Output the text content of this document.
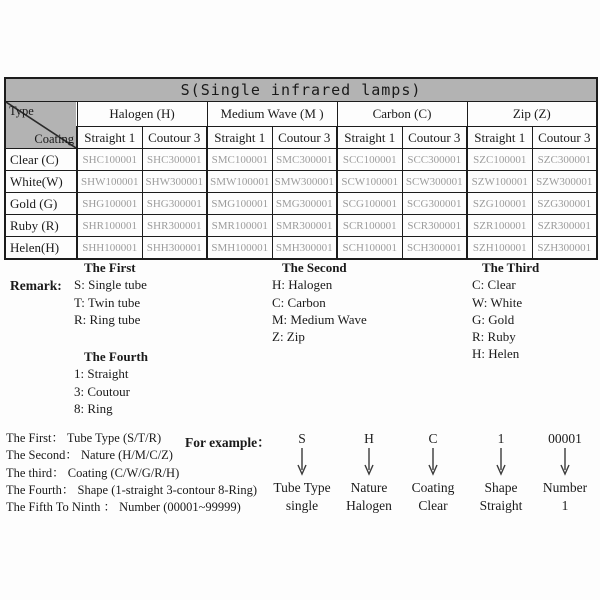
S(Single infrared lamps)								

Type
Coating	Halogen (H)		Medium Wave (M )		Carbon (C)		Zip (Z)	
	Straight 1	Coutour 3	Straight 1	Coutour 3	Straight 1	Coutour 3	Straight 1	Coutour 3
Clear (C)	SHC100001	SHC300001	SMC100001	SMC300001	SCC100001	SCC300001	SZC100001	SZC300001
White(W)	SHW100001	SHW300001	SMW100001	SMW300001	SCW100001	SCW300001	SZW100001	SZW300001
Gold (G)	SHG100001	SHG300001	SMG100001	SMG300001	SCG100001	SCG300001	SZG100001	SZG300001
Ruby (R)	SHR100001	SHR300001	SMR100001	SMR300001	SCR100001	SCR300001	SZR100001	SZR300001
Helen(H)	SHH100001	SHH300001	SMH100001	SMH300001	SCH100001	SCH300001	SZH100001	SZH300001
Remark:
The First
S: Single tube
T: Twin tube
R: Ring tube
The Fourth
1: Straight
3: Coutour
8: Ring
The Second
H: Halogen
C: Carbon
M: Medium Wave
Z: Zip
The Third
C: Clear
W: White
G: Gold
R: Ruby
H: Helen
The First： Tube Type (S/T/R)
The Second： Nature (H/M/C/Z)
The third： Coating (C/W/G/R/H)
The Fourth： Shape (1-straight 3-contour 8-Ring)
The Fifth To Ninth ： Number (00001~99999)
For example： S
Tube Type
single
H
Nature
Halogen
C
Coating
Clear
1
Shape
Straight
00001
Number
1
